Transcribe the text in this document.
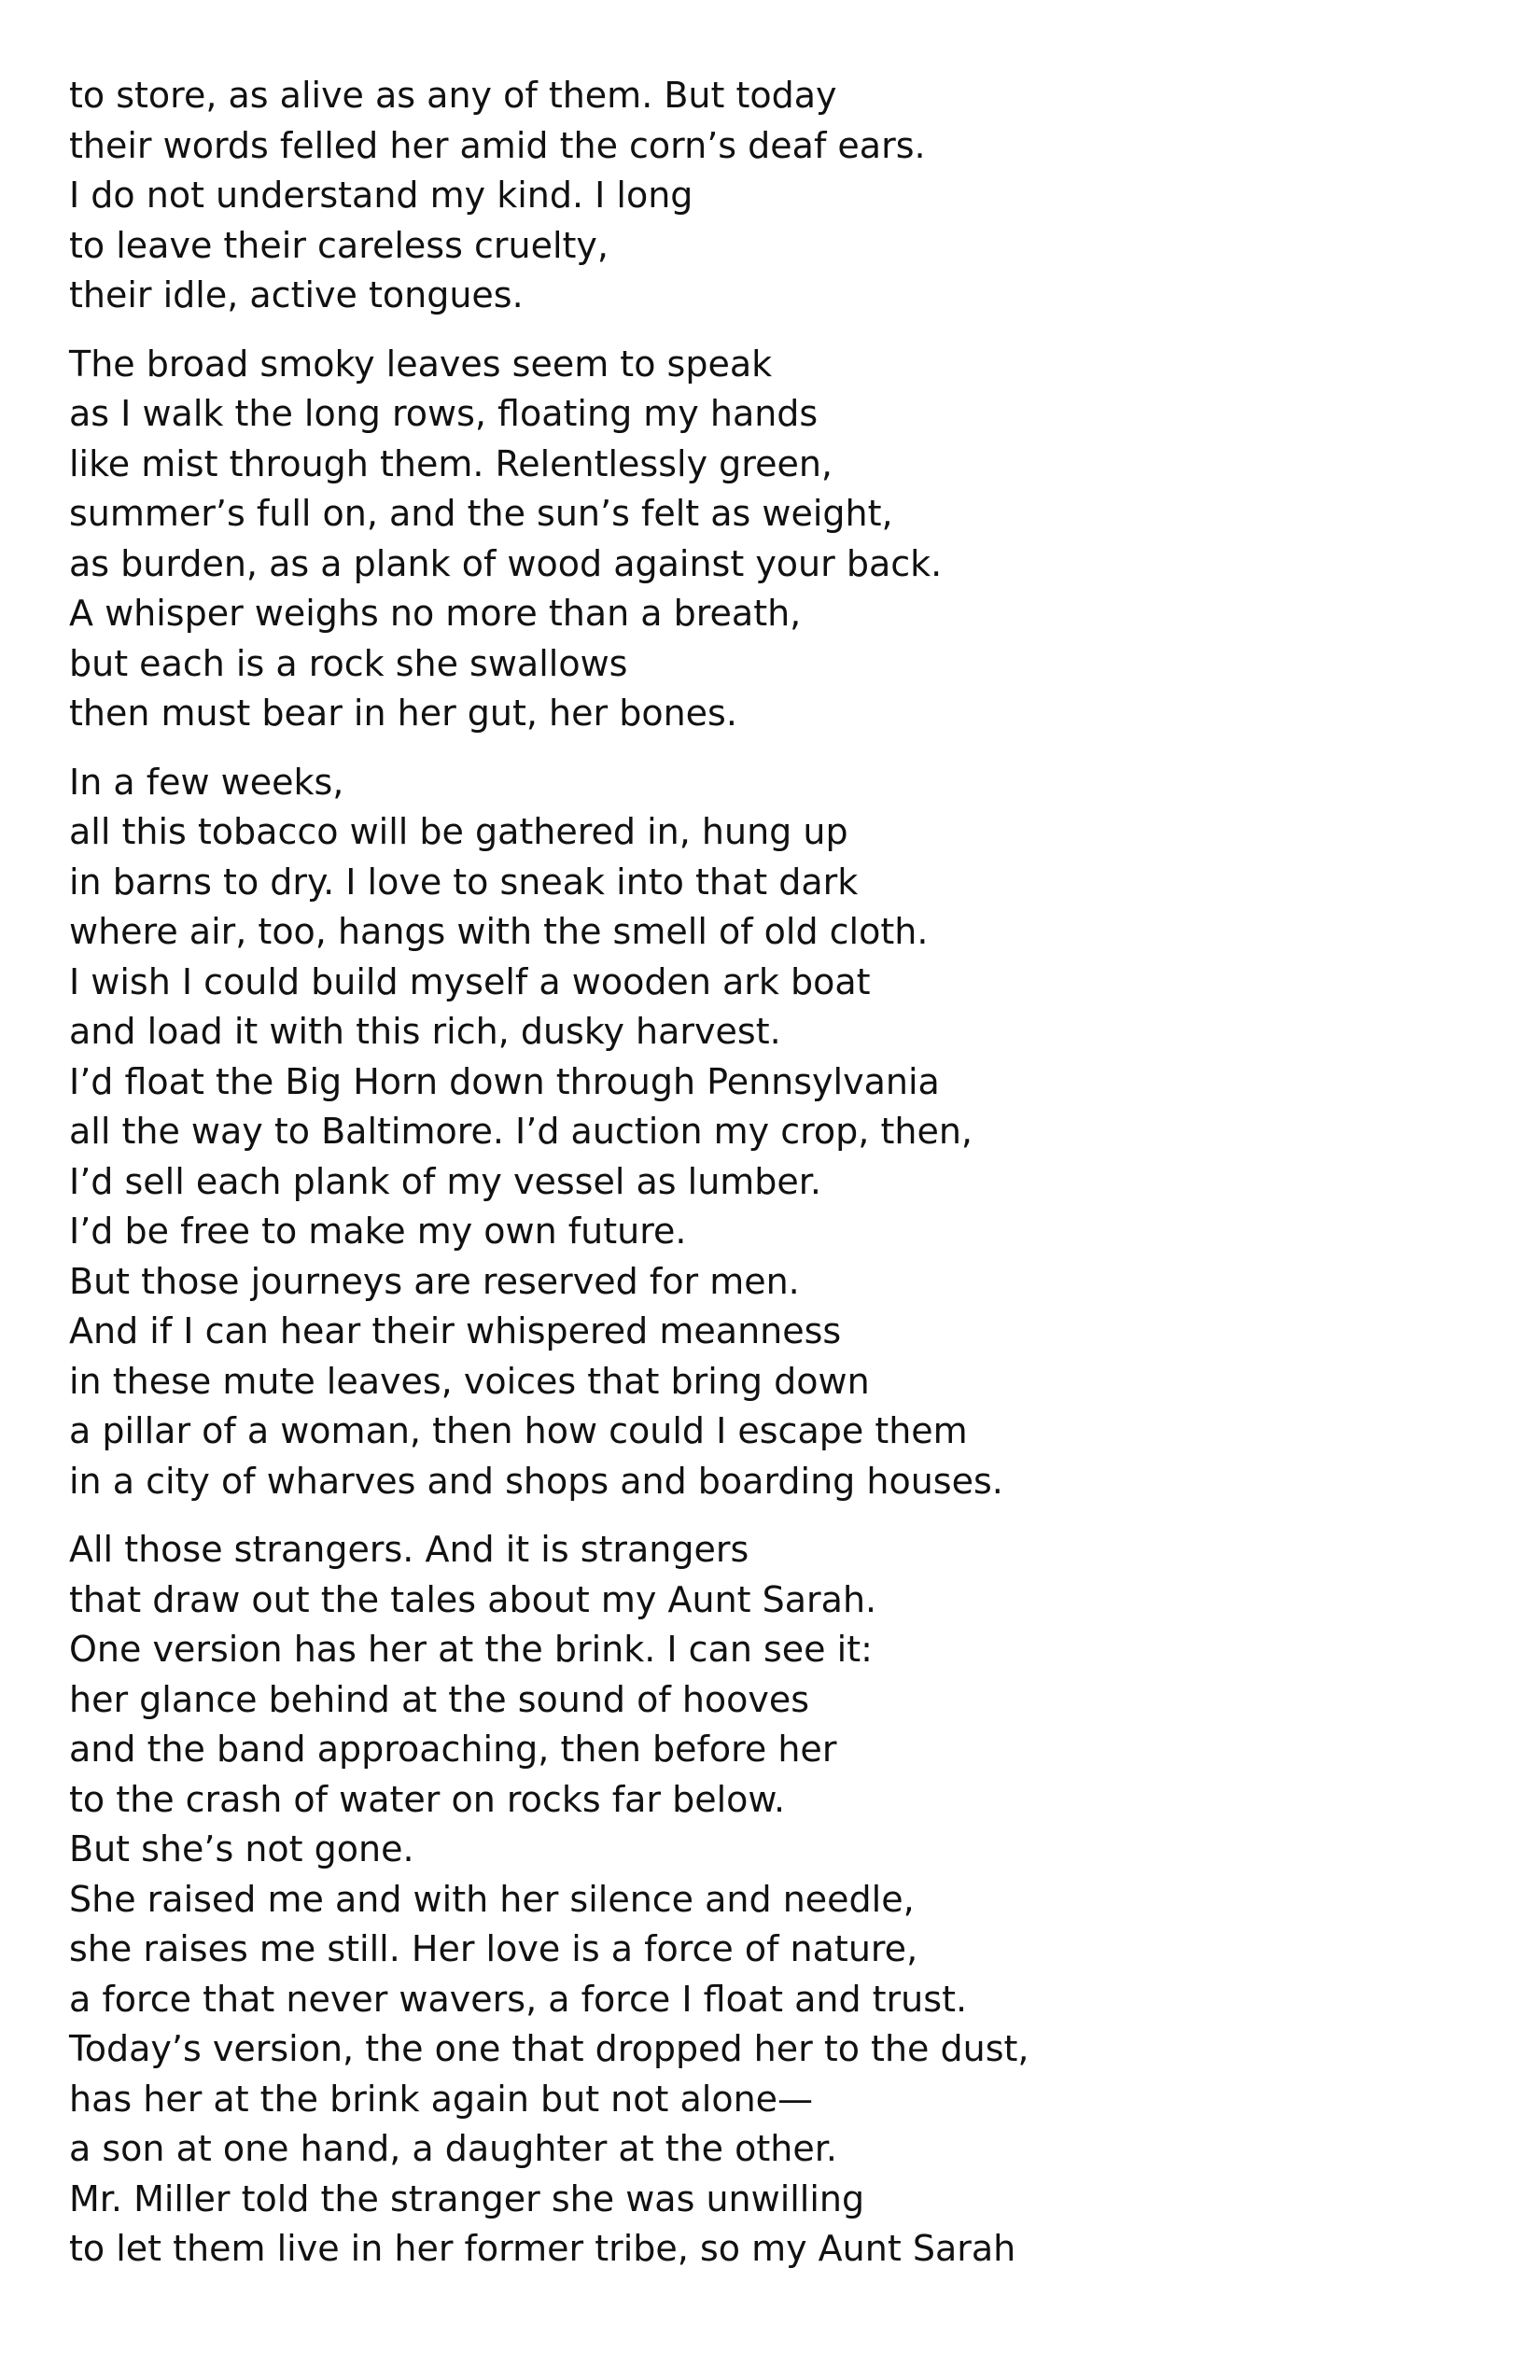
to store, as alive as any of them. But today
their words felled her amid the corn’s deaf ears.
I do not understand my kind. I long
to leave their careless cruelty,
their idle, active tongues.
The broad smoky leaves seem to speak
as I walk the long rows, floating my hands
like mist through them. Relentlessly green,
summer’s full on, and the sun’s felt as weight,
as burden, as a plank of wood against your back.
A whisper weighs no more than a breath,
but each is a rock she swallows
then must bear in her gut, her bones.
In a few weeks,
all this tobacco will be gathered in, hung up
in barns to dry. I love to sneak into that dark
where air, too, hangs with the smell of old cloth.
I wish I could build myself a wooden ark boat
and load it with this rich, dusky harvest.
I’d float the Big Horn down through Pennsylvania
all the way to Baltimore. I’d auction my crop, then,
I’d sell each plank of my vessel as lumber.
I’d be free to make my own future.
But those journeys are reserved for men.
And if I can hear their whispered meanness
in these mute leaves, voices that bring down
a pillar of a woman, then how could I escape them
in a city of wharves and shops and boarding houses.
All those strangers. And it is strangers
that draw out the tales about my Aunt Sarah.
One version has her at the brink. I can see it:
her glance behind at the sound of hooves
and the band approaching, then before her
to the crash of water on rocks far below.
But she’s not gone.
She raised me and with her silence and needle,
she raises me still. Her love is a force of nature,
a force that never wavers, a force I float and trust.
Today’s version, the one that dropped her to the dust,
has her at the brink again but not alone—
a son at one hand, a daughter at the other.
Mr. Miller told the stranger she was unwilling
to let them live in her former tribe, so my Aunt Sarah
